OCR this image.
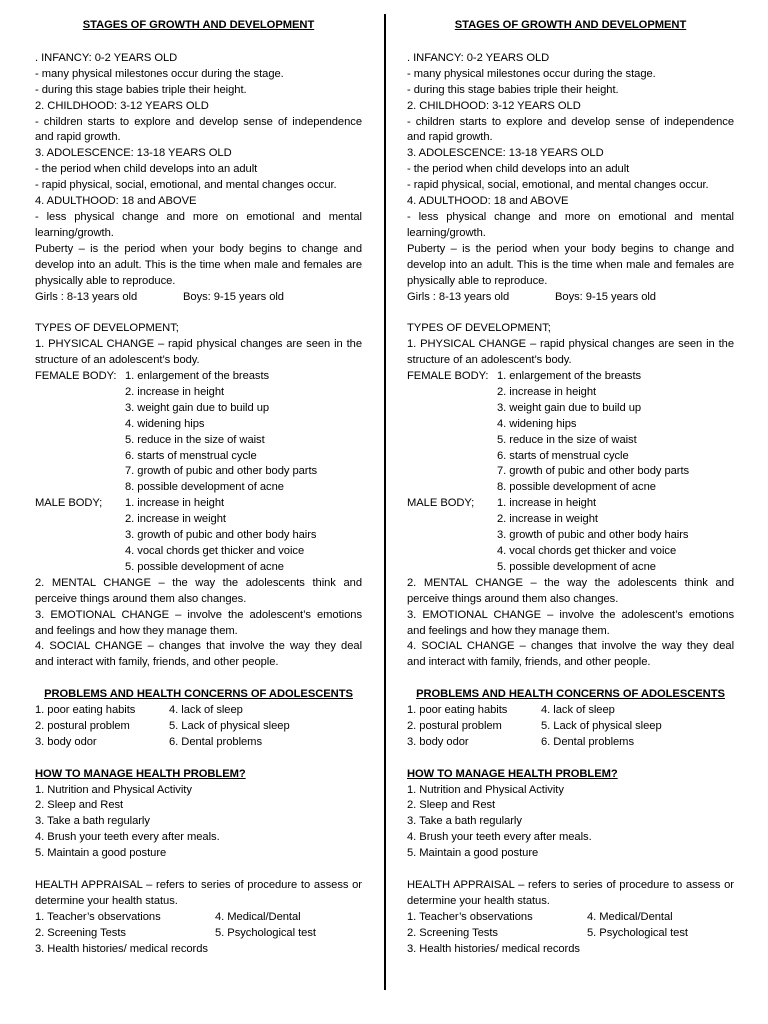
STAGES OF GROWTH AND DEVELOPMENT

. INFANCY: 0-2 YEARS OLD

- many physical milestones occur during the stage.

- during this stage babies triple their height.

2. CHILDHOOD: 3-12 YEARS OLD

- children starts to explore and develop sense of independence and rapid growth.

3. ADOLESCENCE: 13-18 YEARS OLD

- the period when child develops into an adult

- rapid physical, social, emotional, and mental changes occur.

4. ADULTHOOD: 18 and ABOVE

- less physical change and more on emotional and mental learning/growth.

Puberty – is the period when your body begins to change and develop into an adult. This is the time when male and females are physically able to reproduce.

Girls : 8-13 years old	Boys: 9-15 years old

TYPES OF DEVELOPMENT;

1. PHYSICAL CHANGE – rapid physical changes are seen in the structure of an adolescent’s body.

FEMALE BODY: 1. enlargement of the breasts
2. increase in height
3. weight gain due to build up
4. widening hips
5. reduce in the size of waist
6. starts of menstrual cycle
7. growth of pubic and other body parts
8. possible development of acne
MALE BODY;	1. increase in height
2. increase in weight
3. growth of pubic and other body hairs
4. vocal chords get thicker and voice
5. possible development of acne

2. MENTAL CHANGE – the way the adolescents think and perceive things around them also changes.

3. EMOTIONAL CHANGE – involve the adolescent’s emotions and feelings and how they manage them.

4. SOCIAL CHANGE – changes that involve the way they deal and interact with family, friends, and other people.

PROBLEMS AND HEALTH CONCERNS OF ADOLESCENTS

1. poor eating habits	4. lack of sleep
2. postural problem	5. Lack of physical sleep
3. body odor	6. Dental problems

HOW TO MANAGE HEALTH PROBLEM?

1. Nutrition and Physical Activity
2. Sleep and Rest
3. Take a bath regularly
4. Brush your teeth every after meals.
5. Maintain a good posture

HEALTH APPRAISAL – refers to series of procedure to assess or determine your health status.

1. Teacher’s observations	4. Medical/Dental
2. Screening Tests	5. Psychological test
3. Health histories/ medical records
STAGES OF GROWTH AND DEVELOPMENT

. INFANCY: 0-2 YEARS OLD

- many physical milestones occur during the stage.

- during this stage babies triple their height.

2. CHILDHOOD: 3-12 YEARS OLD

- children starts to explore and develop sense of independence and rapid growth.

3. ADOLESCENCE: 13-18 YEARS OLD

- the period when child develops into an adult

- rapid physical, social, emotional, and mental changes occur.

4. ADULTHOOD: 18 and ABOVE

- less physical change and more on emotional and mental learning/growth.

Puberty – is the period when your body begins to change and develop into an adult. This is the time when male and females are physically able to reproduce.

Girls : 8-13 years old	Boys: 9-15 years old

TYPES OF DEVELOPMENT;

1. PHYSICAL CHANGE – rapid physical changes are seen in the structure of an adolescent’s body.

FEMALE BODY: 1. enlargement of the breasts
2. increase in height
3. weight gain due to build up
4. widening hips
5. reduce in the size of waist
6. starts of menstrual cycle
7. growth of pubic and other body parts
8. possible development of acne
MALE BODY;	1. increase in height
2. increase in weight
3. growth of pubic and other body hairs
4. vocal chords get thicker and voice
5. possible development of acne

2. MENTAL CHANGE – the way the adolescents think and perceive things around them also changes.

3. EMOTIONAL CHANGE – involve the adolescent’s emotions and feelings and how they manage them.

4. SOCIAL CHANGE – changes that involve the way they deal and interact with family, friends, and other people.

PROBLEMS AND HEALTH CONCERNS OF ADOLESCENTS

1. poor eating habits	4. lack of sleep
2. postural problem	5. Lack of physical sleep
3. body odor	6. Dental problems

HOW TO MANAGE HEALTH PROBLEM?

1. Nutrition and Physical Activity
2. Sleep and Rest
3. Take a bath regularly
4. Brush your teeth every after meals.
5. Maintain a good posture

HEALTH APPRAISAL – refers to series of procedure to assess or determine your health status.

1. Teacher’s observations	4. Medical/Dental
2. Screening Tests	5. Psychological test
3. Health histories/ medical records
